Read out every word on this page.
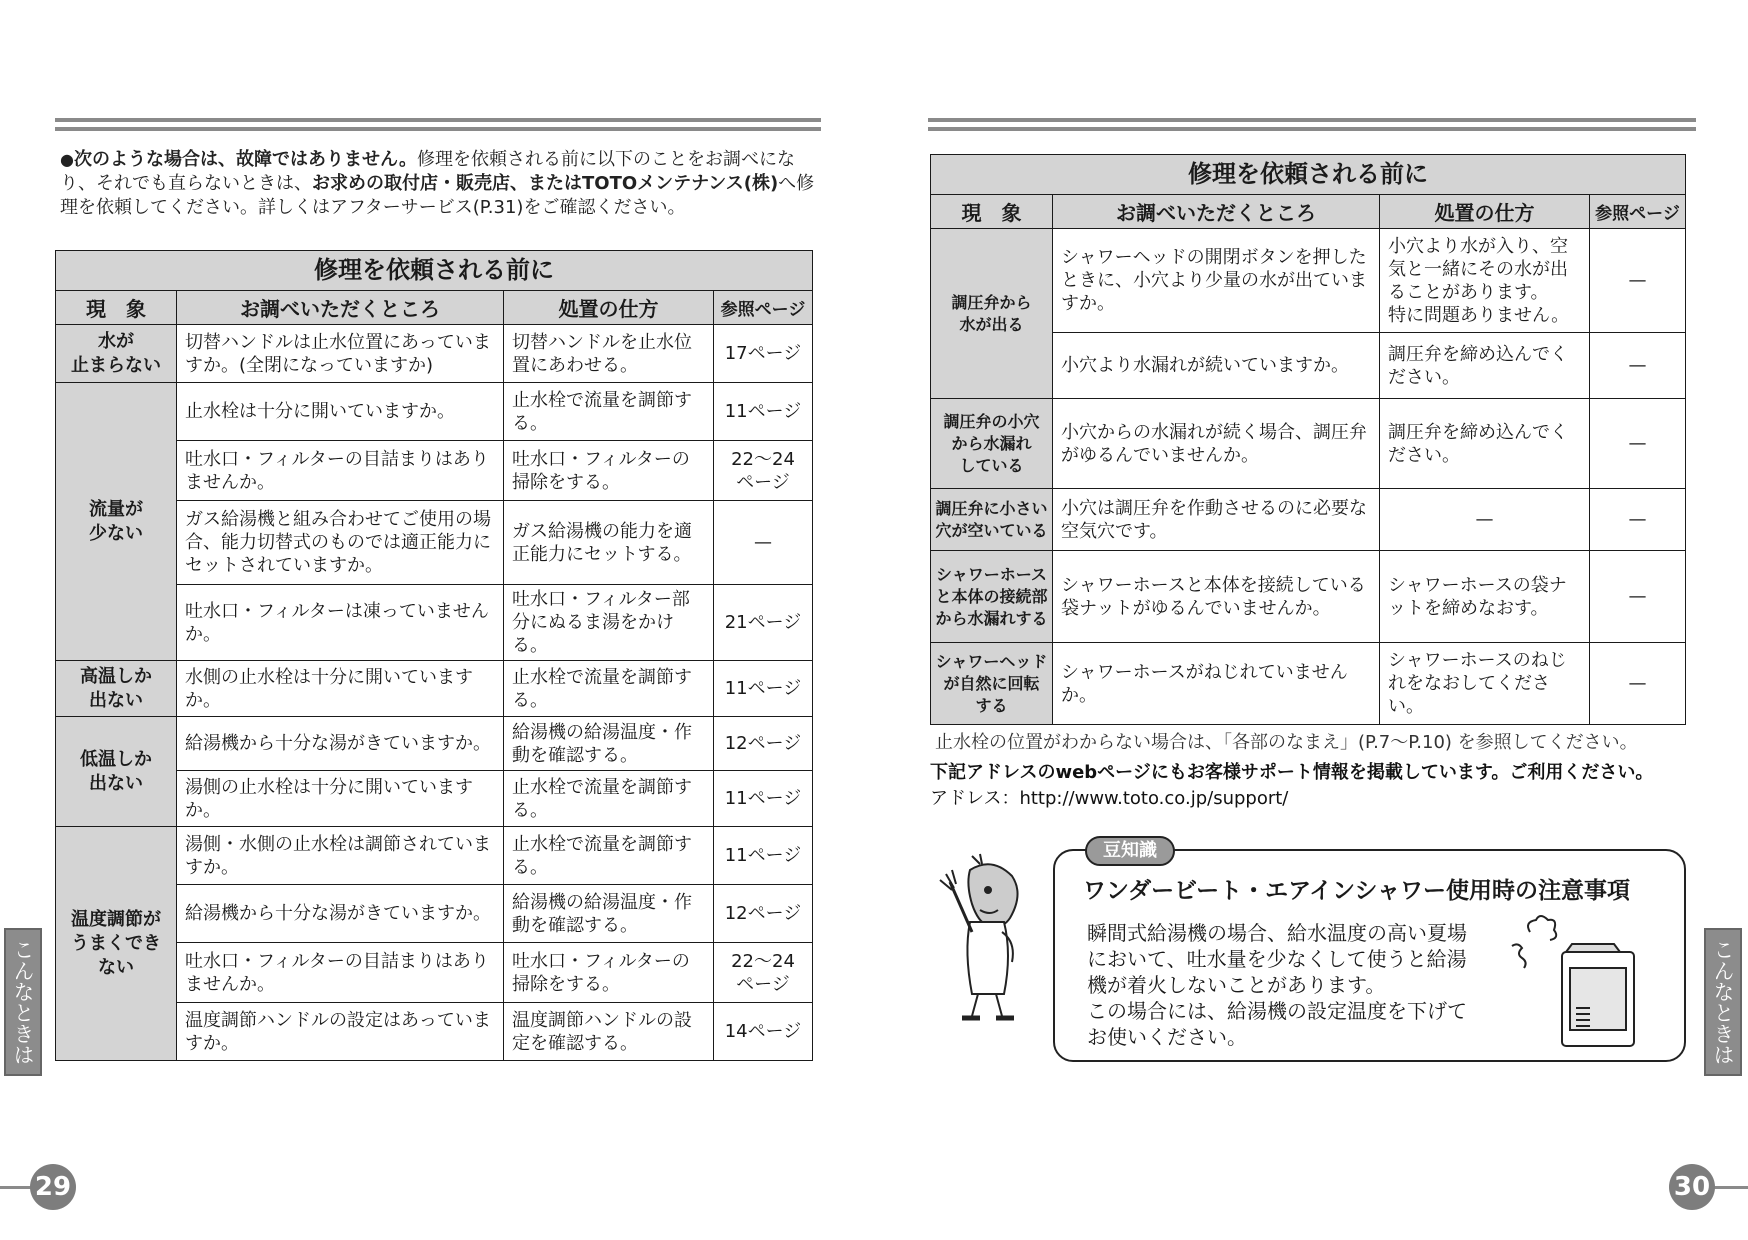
●次のような場合は、故障ではありません。修理を依頼される前に以下のことをお調べになり、それでも直らないときは、お求めの取付店・販売店、またはTOTOメンテナンス(株)へ修理を依頼してください。詳しくはアフターサービス(P.31)をご確認ください。
修理を依頼される前に
現　象	お調べいただくところ	処置の仕方	参照ページ
水が
止まらない	切替ハンドルは止水位置にあっていますか。(全閉になっていますか)	切替ハンドルを止水位置にあわせる。	17ページ
流量が
少ない	止水栓は十分に開いていますか。	止水栓で流量を調節する。	11ページ
	吐水口・フィルターの目詰まりはありませんか。	吐水口・フィルターの掃除をする。	22〜24
ページ
	ガス給湯機と組み合わせてご使用の場合、能力切替式のものでは適正能力にセットされていますか。	ガス給湯機の能力を適正能力にセットする。	—
	吐水口・フィルターは凍っていませんか。	吐水口・フィルター部分にぬるま湯をかける。	21ページ
高温しか
出ない	水側の止水栓は十分に開いていますか。	止水栓で流量を調節する。	11ページ
低温しか
出ない	給湯機から十分な湯がきていますか。	給湯機の給湯温度・作動を確認する。	12ページ
	湯側の止水栓は十分に開いていますか。	止水栓で流量を調節する。	11ページ
温度調節が
うまくでき
ない	湯側・水側の止水栓は調節されていますか。	止水栓で流量を調節する。	11ページ
	給湯機から十分な湯がきていますか。	給湯機の給湯温度・作動を確認する。	12ページ
	吐水口・フィルターの目詰まりはありませんか。	吐水口・フィルターの掃除をする。	22〜24
ページ
	温度調節ハンドルの設定はあっていますか。	温度調節ハンドルの設定を確認する。	14ページ
こんなときは
29
修理を依頼される前に
現　象	お調べいただくところ	処置の仕方	参照ページ
調圧弁から
水が出る	シャワーヘッドの開閉ボタンを押したときに、小穴より少量の水が出ていますか。	小穴より水が入り、空気と一緒にその水が出ることがあります。
特に問題ありません。	—
	小穴より水漏れが続いていますか。	調圧弁を締め込んでください。	—
調圧弁の小穴
から水漏れ
している	小穴からの水漏れが続く場合、調圧弁がゆるんでいませんか。	調圧弁を締め込んでください。	—
調圧弁に小さい
穴が空いている	小穴は調圧弁を作動させるのに必要な空気穴です。	—	—
シャワーホース
と本体の接続部
から水漏れする	シャワーホースと本体を接続している袋ナットがゆるんでいませんか。	シャワーホースの袋ナットを締めなおす。	—
シャワーヘッド
が自然に回転
する	シャワーホースがねじれていませんか。	シャワーホースのねじれをなおしてください。	—
止水栓の位置がわからない場合は、「各部のなまえ」(P.7〜P.10) を参照してください。
下記アドレスのwebページにもお客様サポート情報を掲載しています。ご利用ください。
アドレス：http://www.toto.co.jp/support/
豆知識
ワンダービート・エアインシャワー使用時の注意事項
瞬間式給湯機の場合、給水温度の高い夏場において、吐水量を少なくして使うと給湯機が着火しないことがあります。
この場合には、給湯機の設定温度を下げてお使いください。	こんなときは
30
